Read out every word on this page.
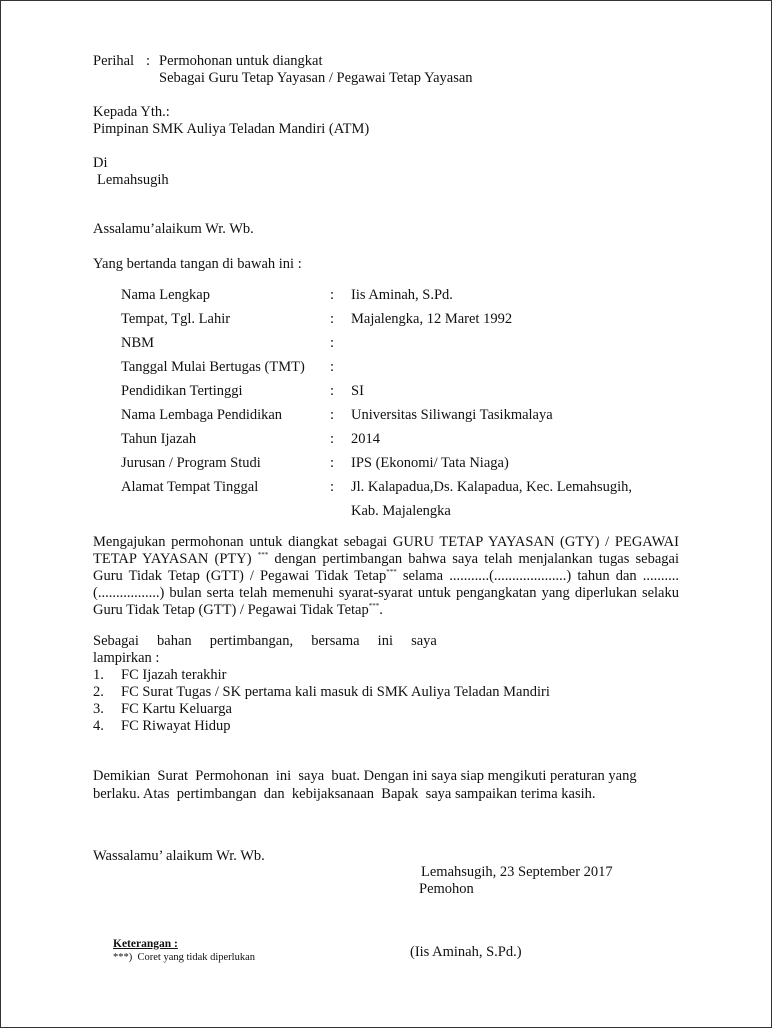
Perihal : Permohonan untuk diangkat
Sebagai Guru Tetap Yayasan / Pegawai Tetap Yayasan
Kepada Yth.:
Pimpinan SMK Auliya Teladan Mandiri (ATM)
Di
Lemahsugih
Assalamu’alaikum Wr. Wb.
Yang bertanda tangan di bawah ini :
Nama Lengkap	: Iis Aminah, S.Pd.
Tempat, Tgl. Lahir	: Majalengka, 12 Maret 1992
NBM	:
Tanggal Mulai Bertugas (TMT) :
Pendidikan Tertinggi	: SI
Nama Lembaga Pendidikan	: Universitas Siliwangi Tasikmalaya
Tahun Ijazah	: 2014
Jurusan / Program Studi	: IPS (Ekonomi/ Tata Niaga)
Alamat Tempat Tinggal	: Jl. Kalapadua,Ds. Kalapadua, Kec. Lemahsugih,
Kab. Majalengka
Mengajukan permohonan untuk diangkat sebagai GURU TETAP YAYASAN (GTY) / PEGAWAI
TETAP YAYASAN (PTY) *** dengan pertimbangan bahwa saya telah menjalankan tugas sebagai
Guru Tidak Tetap (GTT) / Pegawai Tidak Tetap*** selama ...........(....................) tahun dan ..........
(.................) bulan serta telah memenuhi syarat-syarat untuk pengangkatan yang diperlukan selaku
Guru Tidak Tetap (GTT) / Pegawai Tidak Tetap***.
Sebagai     bahan     pertimbangan,     bersama     ini     saya
lampirkan :
1. FC Ijazah terakhir
2. FC Surat Tugas / SK pertama kali masuk di SMK Auliya Teladan Mandiri
3. FC Kartu Keluarga
4. FC Riwayat Hidup
Demikian  Surat  Permohonan  ini  saya  buat. Dengan ini saya siap mengikuti peraturan yang
berlaku. Atas  pertimbangan  dan  kebijaksanaan  Bapak  saya sampaikan terima kasih.
Wassalamu’ alaikum Wr. Wb.
Lemahsugih, 23 September 2017
Pemohon
(Iis Aminah, S.Pd.)
Keterangan :
***) Coret yang tidak diperlukan
